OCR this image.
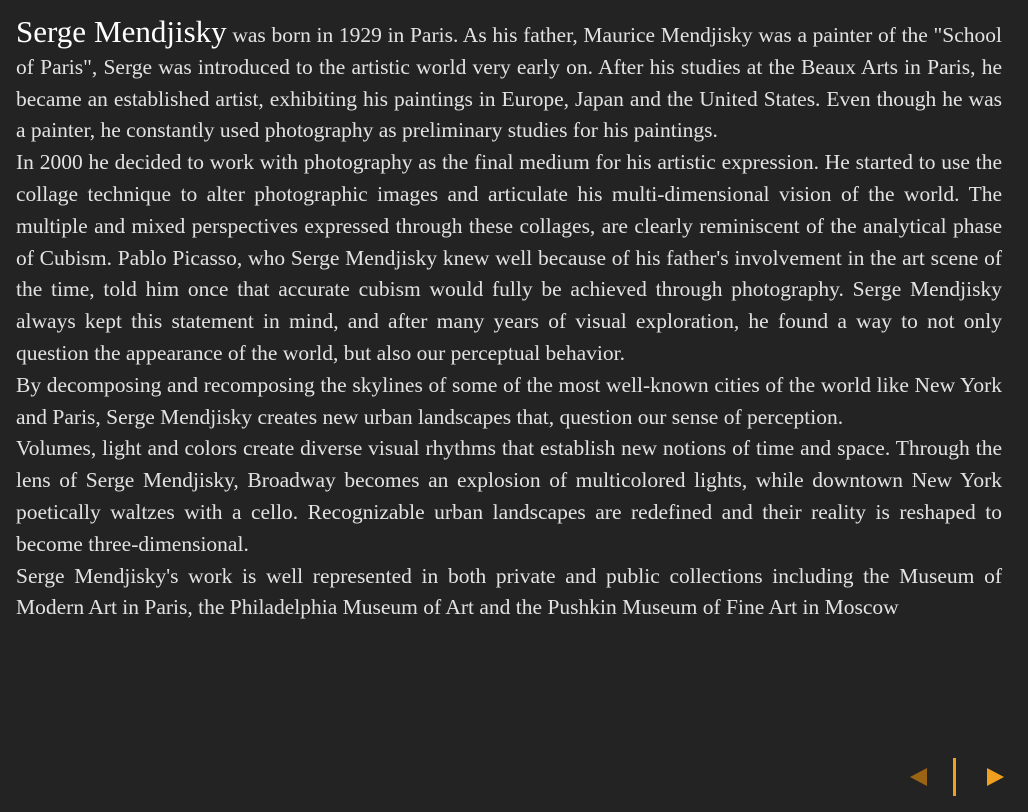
Serge Mendjisky was born in 1929 in Paris. As his father, Maurice Mendjisky was a painter of the "School of Paris", Serge was introduced to the artistic world very early on. After his studies at the Beaux Arts in Paris, he became an established artist, exhibiting his paintings in Europe, Japan and the United States. Even though he was a painter, he constantly used photography as preliminary studies for his paintings.

In 2000 he decided to work with photography as the final medium for his artistic expression. He started to use the collage technique to alter photographic images and articulate his multi-dimensional vision of the world. The multiple and mixed perspectives expressed through these collages, are clearly reminiscent of the analytical phase of Cubism. Pablo Picasso, who Serge Mendjisky knew well because of his father's involvement in the art scene of the time, told him once that accurate cubism would fully be achieved through photography. Serge Mendjisky always kept this statement in mind, and after many years of visual exploration, he found a way to not only question the appearance of the world, but also our perceptual behavior.

By decomposing and recomposing the skylines of some of the most well-known cities of the world like New York and Paris, Serge Mendjisky creates new urban landscapes that, question our sense of perception.

Volumes, light and colors create diverse visual rhythms that establish new notions of time and space. Through the lens of Serge Mendjisky, Broadway becomes an explosion of multicolored lights, while downtown New York poetically waltzes with a cello. Recognizable urban landscapes are redefined and their reality is reshaped to become three-dimensional.

Serge Mendjisky's work is well represented in both private and public collections including the Museum of Modern Art in Paris, the Philadelphia Museum of Art and the Pushkin Museum of Fine Art in Moscow
